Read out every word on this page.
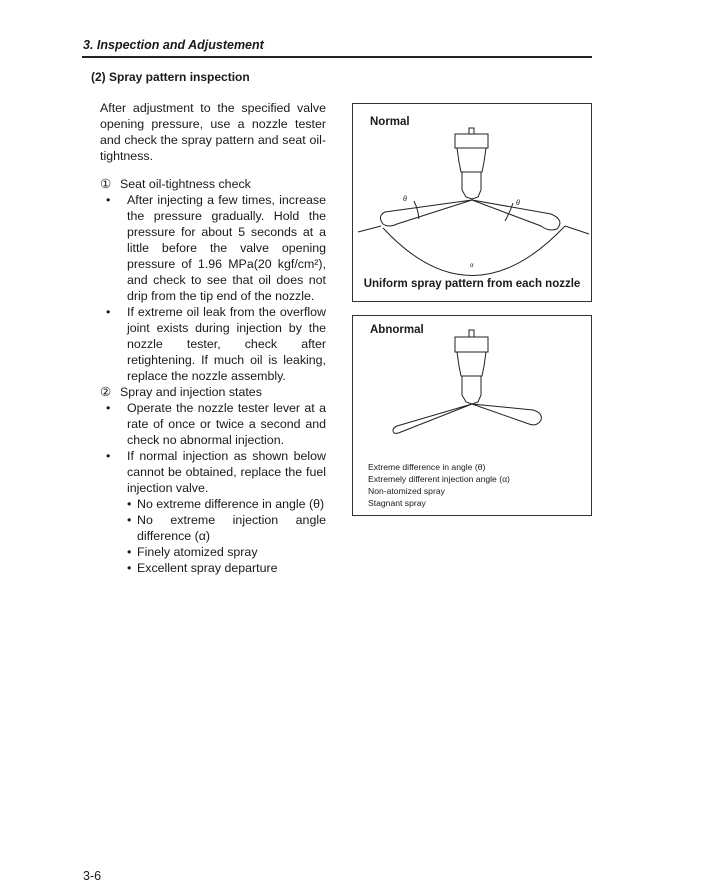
3. Inspection and Adjustement
(2) Spray pattern inspection

After adjustment to the specified valve opening pressure, use a nozzle tester and check the spray pattern and seat oil-tightness.

① Seat oil-tightness check
• After injecting a few times, increase the pressure gradually. Hold the pressure for about 5 seconds at a little before the valve opening pressure of 1.96 MPa(20 kgf/cm²), and check to see that oil does not drip from the tip end of the nozzle.
• If extreme oil leak from the overflow joint exists during injection by the nozzle tester, check after retightening. If much oil is leaking, replace the nozzle assembly.
② Spray and injection states
• Operate the nozzle tester lever at a rate of once or twice a second and check no abnormal injection.
• If normal injection as shown below cannot be obtained, replace the fuel injection valve.
• No extreme difference in angle (θ)
• No extreme injection angle difference (α)
• Finely atomized spray
• Excellent spray departure
θ
θ
α
Normal
Uniform spray pattern from each nozzle
Abnormal
Extreme difference in angle (θ)
Extremely different injection angle (α)
Non-atomized spray
Stagnant spray
3-6
